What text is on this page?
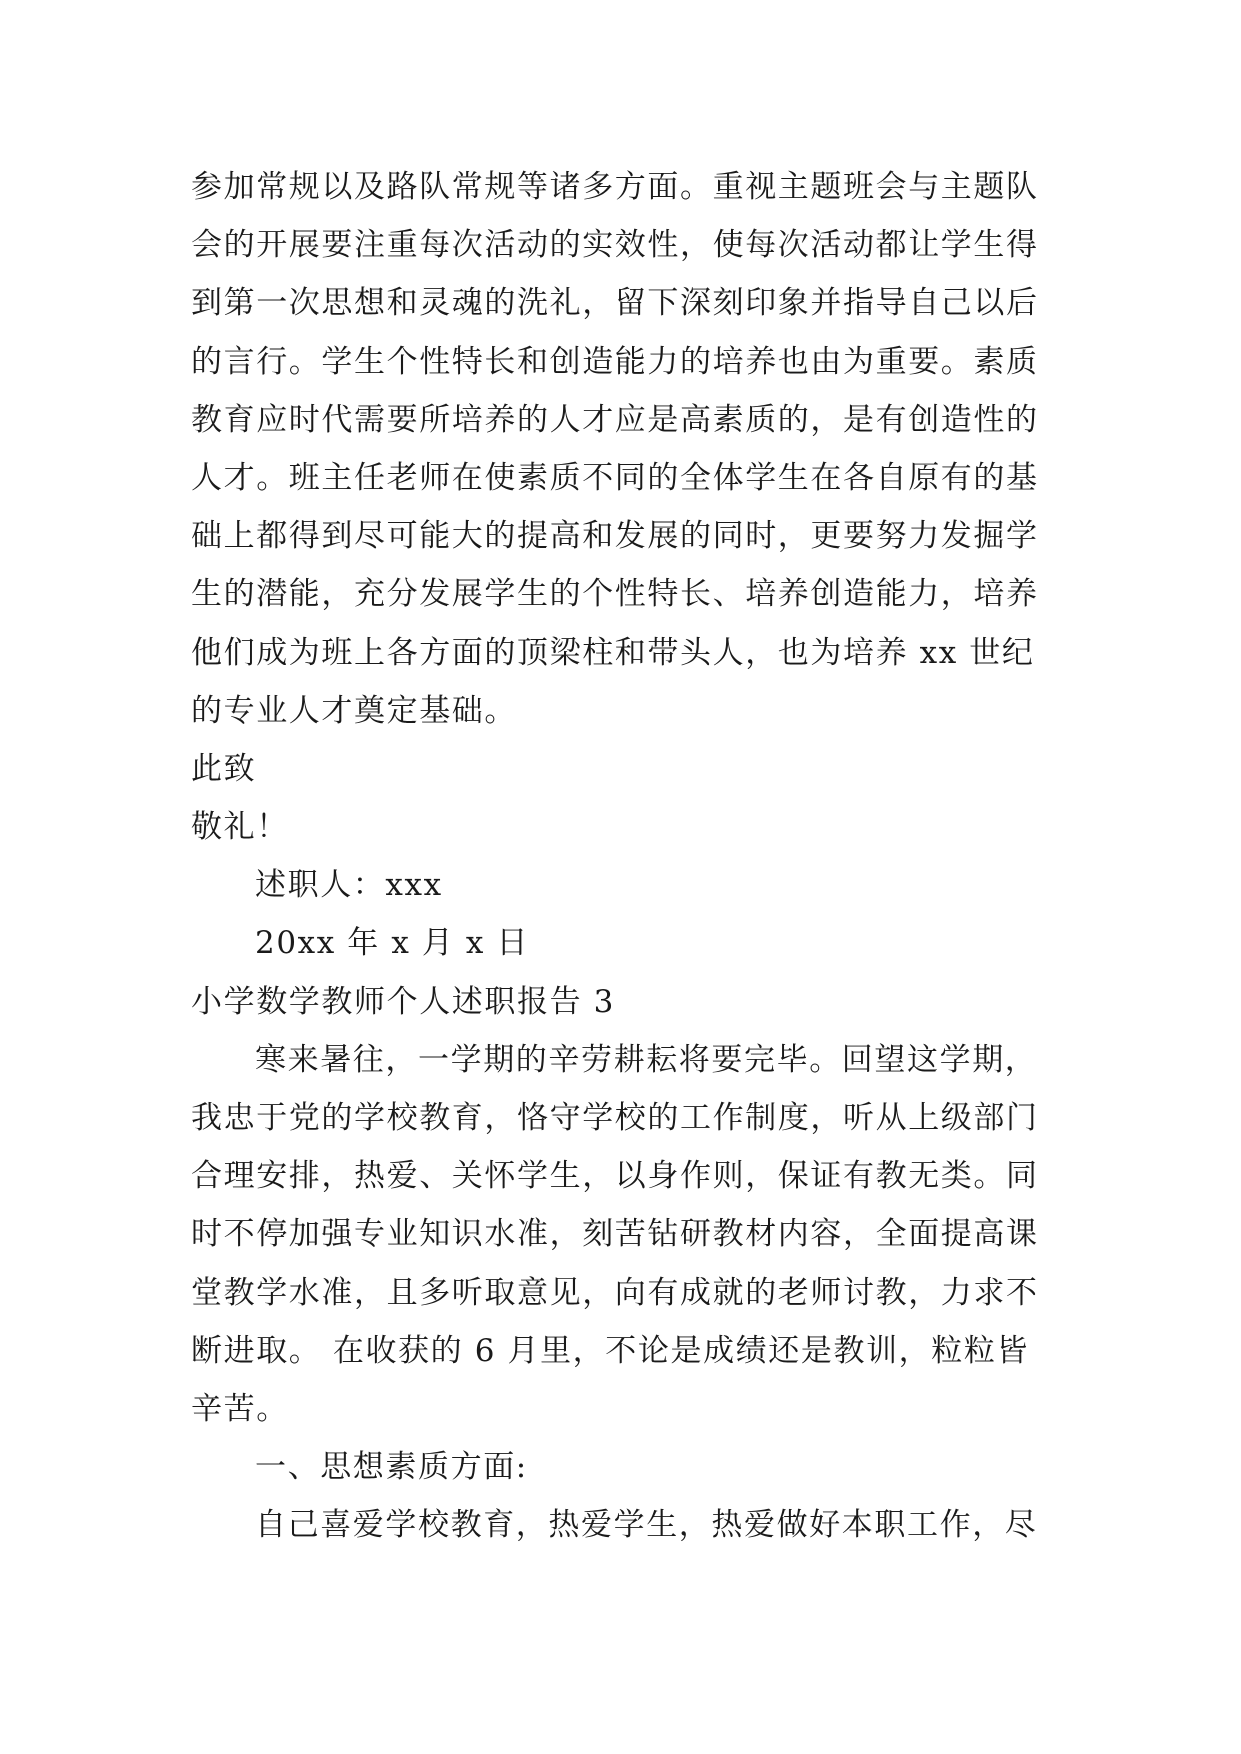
参加常规以及路队常规等诸多方面。重视主题班会与主题队
会的开展要注重每次活动的实效性，使每次活动都让学生得
到第一次思想和灵魂的洗礼，留下深刻印象并指导自己以后
的言行。学生个性特长和创造能力的培养也由为重要。素质
教育应时代需要所培养的人才应是高素质的，是有创造性的
人才。班主任老师在使素质不同的全体学生在各自原有的基
础上都得到尽可能大的提高和发展的同时，更要努力发掘学
生的潜能，充分发展学生的个性特长、培养创造能力，培养
他们成为班上各方面的顶梁柱和带头人，也为培养 xx 世纪
的专业人才奠定基础。
此致
敬礼！
述职人：xxx
20xx 年 x 月 x 日
小学数学教师个人述职报告 3
寒来暑往，一学期的辛劳耕耘将要完毕。回望这学期，
我忠于党的学校教育，恪守学校的工作制度，听从上级部门
合理安排，热爱、关怀学生，以身作则，保证有教无类。同
时不停加强专业知识水准，刻苦钻研教材内容，全面提高课
堂教学水准，且多听取意见，向有成就的老师讨教，力求不
断进取。 在收获的 6 月里，不论是成绩还是教训，粒粒皆
辛苦。
一、思想素质方面:
自己喜爱学校教育，热爱学生，热爱做好本职工作，尽
